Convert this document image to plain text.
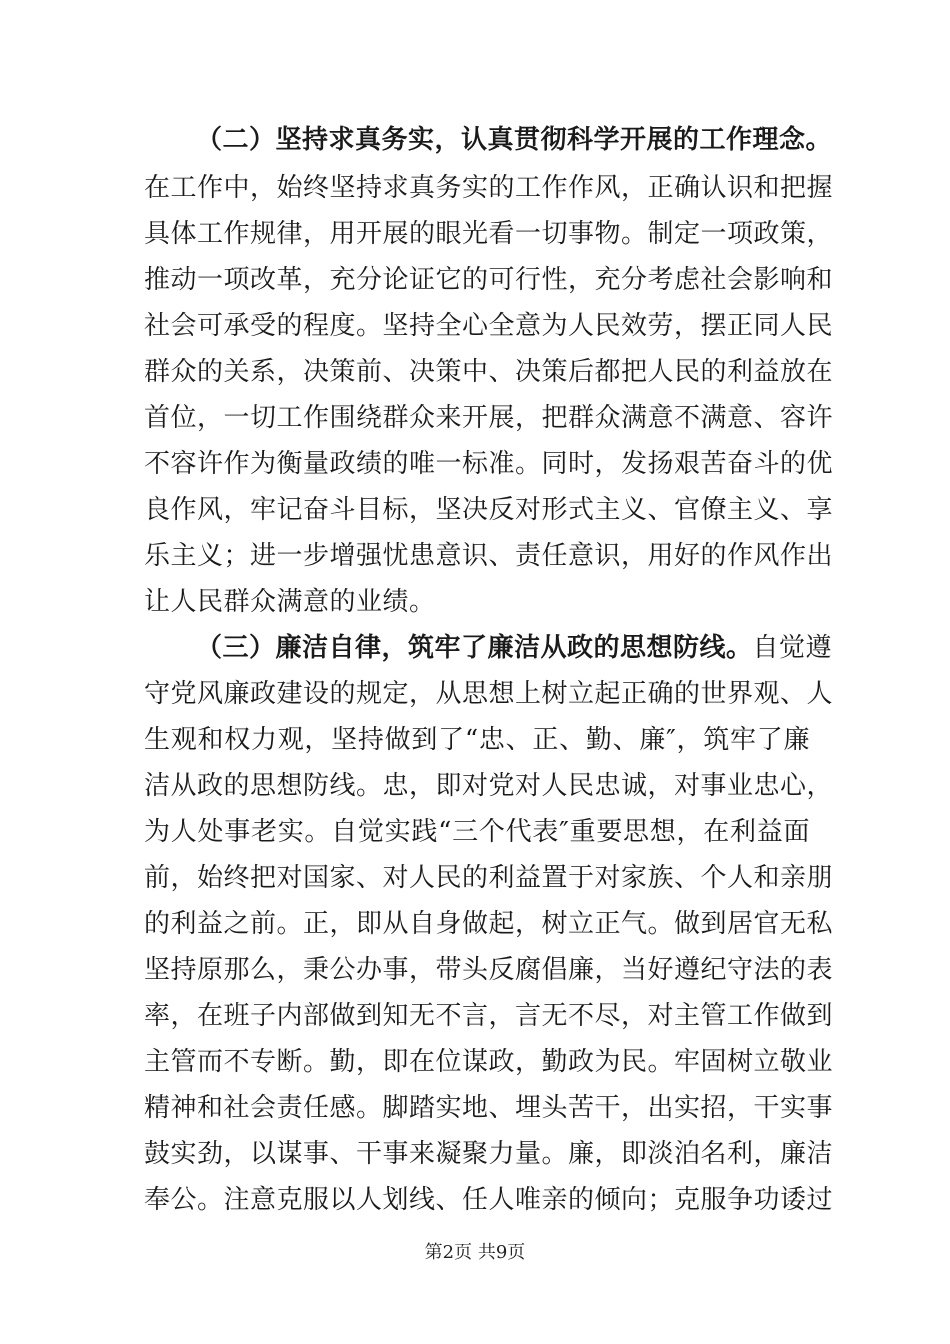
（二）坚持求真务实，认真贯彻科学开展的工作理念。
在工作中，始终坚持求真务实的工作作风，正确认识和把握
具体工作规律，用开展的眼光看一切事物。制定一项政策，
推动一项改革，充分论证它的可行性，充分考虑社会影响和
社会可承受的程度。坚持全心全意为人民效劳，摆正同人民
群众的关系，决策前、决策中、决策后都把人民的利益放在
首位，一切工作围绕群众来开展，把群众满意不满意、容许
不容许作为衡量政绩的唯一标准。同时，发扬艰苦奋斗的优
良作风，牢记奋斗目标，坚决反对形式主义、官僚主义、享
乐主义；进一步增强忧患意识、责任意识，用好的作风作出
让人民群众满意的业绩。
（三）廉洁自律，筑牢了廉洁从政的思想防线。自觉遵
守党风廉政建设的规定，从思想上树立起正确的世界观、人
生观和权力观，坚持做到了“忠、正、勤、廉″，筑牢了廉
洁从政的思想防线。忠，即对党对人民忠诚，对事业忠心，
为人处事老实。自觉实践“三个代表″重要思想，在利益面
前，始终把对国家、对人民的利益置于对家族、个人和亲朋
的利益之前。正，即从自身做起，树立正气。做到居官无私
坚持原那么，秉公办事，带头反腐倡廉，当好遵纪守法的表
率，在班子内部做到知无不言，言无不尽，对主管工作做到
主管而不专断。勤，即在位谋政，勤政为民。牢固树立敬业
精神和社会责任感。脚踏实地、埋头苦干，出实招，干实事
鼓实劲，以谋事、干事来凝聚力量。廉，即淡泊名利，廉洁
奉公。注意克服以人划线、任人唯亲的倾向；克服争功诿过
第2页 共9页
